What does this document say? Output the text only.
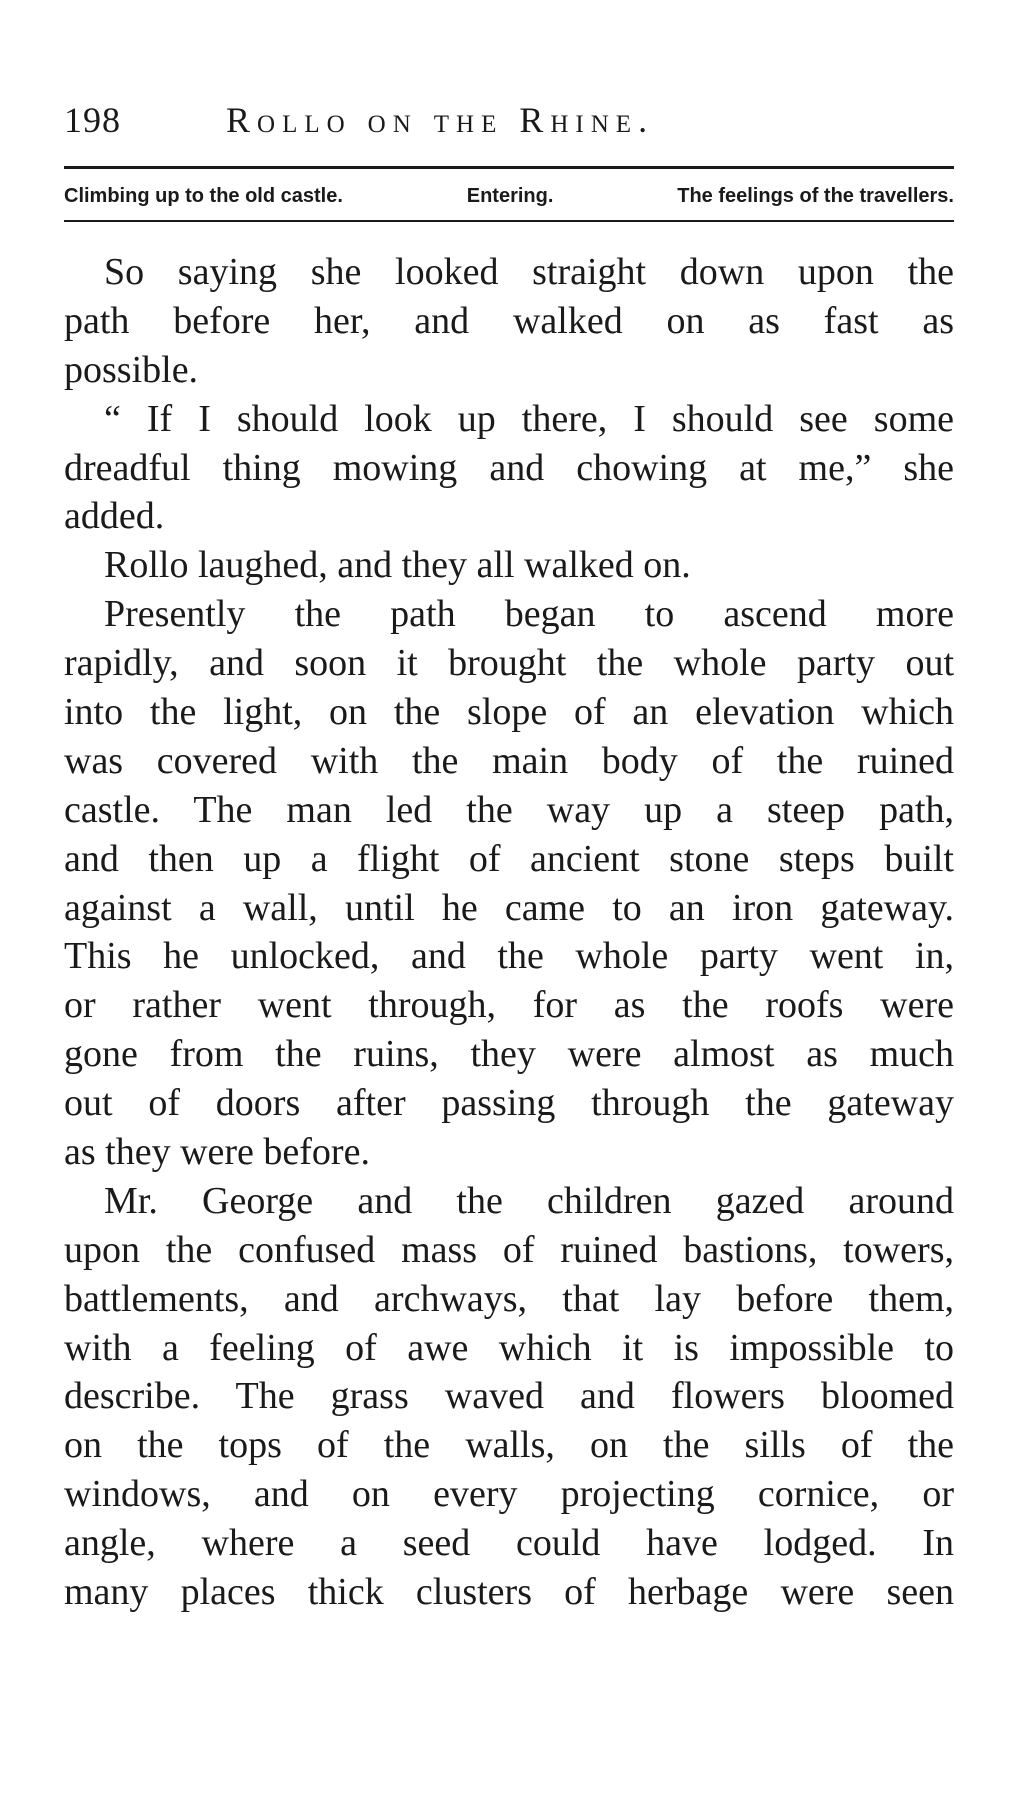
198	Rollo on the Rhine.
Climbing up to the old castle.	Entering.	The feelings of the travellers.
So saying she looked straight down upon the
path before her, and walked on as fast as
possible.
“ If I should look up there, I should see some
dreadful thing mowing and chowing at me,” she
added.
Rollo laughed, and they all walked on.
Presently the path began to ascend more
rapidly, and soon it brought the whole party out
into the light, on the slope of an elevation which
was covered with the main body of the ruined
castle. The man led the way up a steep path,
and then up a flight of ancient stone steps built
against a wall, until he came to an iron gateway.
This he unlocked, and the whole party went in,
or rather went through, for as the roofs were
gone from the ruins, they were almost as much
out of doors after passing through the gateway
as they were before.
Mr. George and the children gazed around
upon the confused mass of ruined bastions, towers,
battlements, and archways, that lay before them,
with a feeling of awe which it is impossible to
describe. The grass waved and flowers bloomed
on the tops of the walls, on the sills of the
windows, and on every projecting cornice, or
angle, where a seed could have lodged. In
many places thick clusters of herbage were seen
